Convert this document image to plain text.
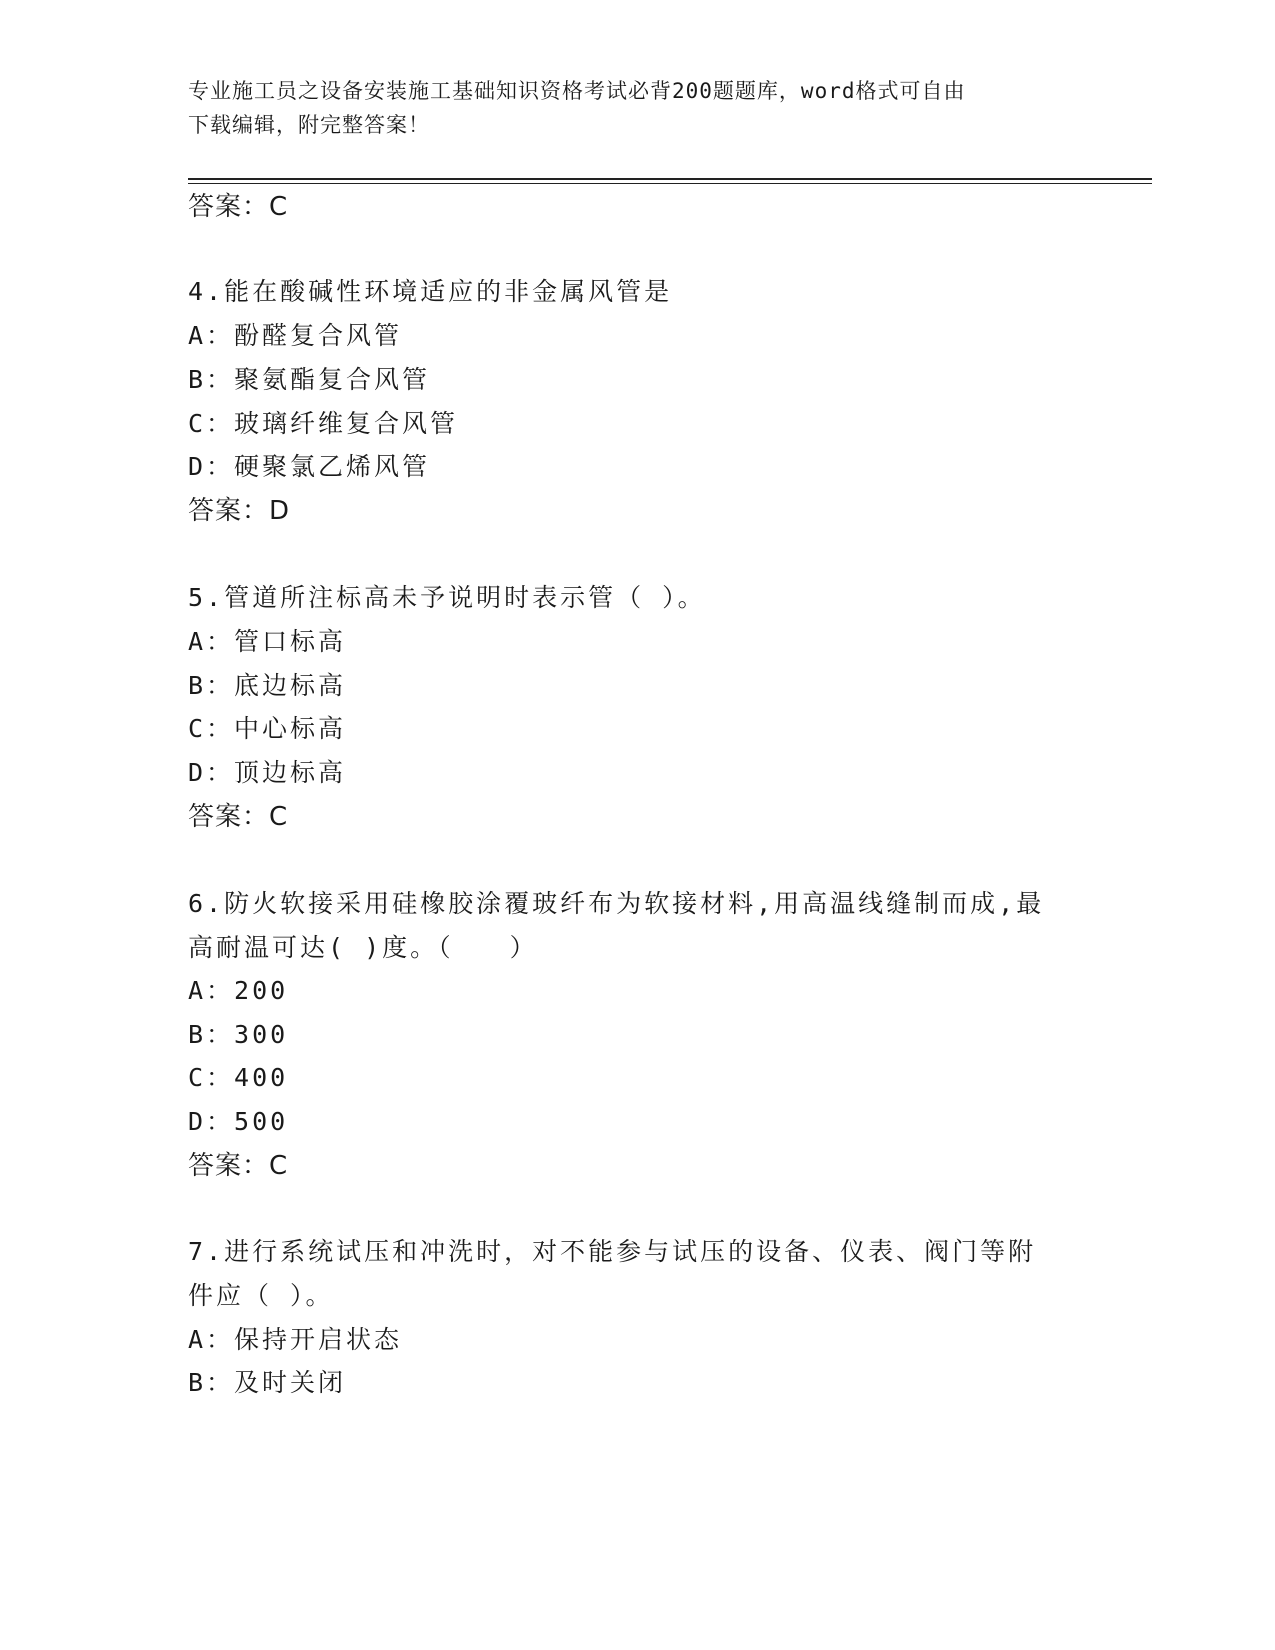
专业施工员之设备安装施工基础知识资格考试必背200题题库，word格式可自由
下载编辑，附完整答案！
答案：C
4.能在酸碱性环境适应的非金属风管是
A：酚醛复合风管
B：聚氨酯复合风管
C：玻璃纤维复合风管
D：硬聚氯乙烯风管
答案：D
5.管道所注标高未予说明时表示管（ ）。
A：管口标高
B：底边标高
C：中心标高
D：顶边标高
答案：C
6.防火软接采用硅橡胶涂覆玻纤布为软接材料,用高温线缝制而成,最
高耐温可达( )度。（　　）
A：200
B：300
C：400
D：500
答案：C
7.进行系统试压和冲洗时，对不能参与试压的设备、仪表、阀门等附
件应（ ）。
A：保持开启状态
B：及时关闭
